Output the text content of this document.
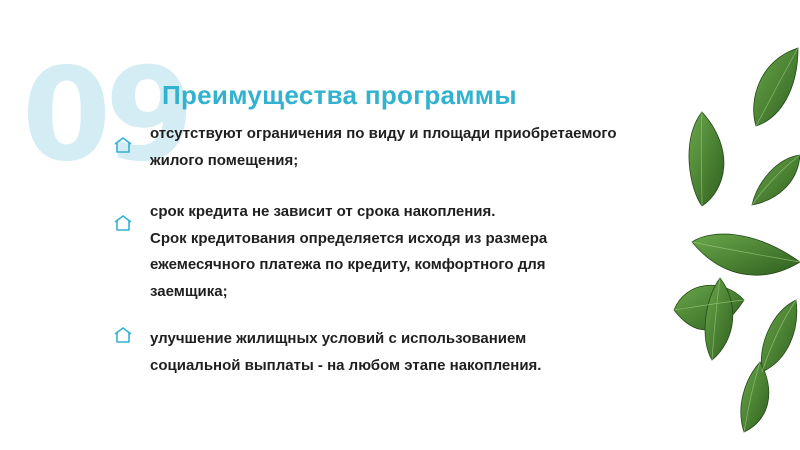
09
Преимущества программы
отсутствуют ограничения по виду и площади приобретаемого
жилого помещения;
срок кредита не зависит от срока накопления.
Срок кредитования определяется исходя из размера
ежемесячного платежа по кредиту, комфортного для
заемщика;
улучшение жилищных условий с использованием
социальной выплаты - на любом этапе накопления.
